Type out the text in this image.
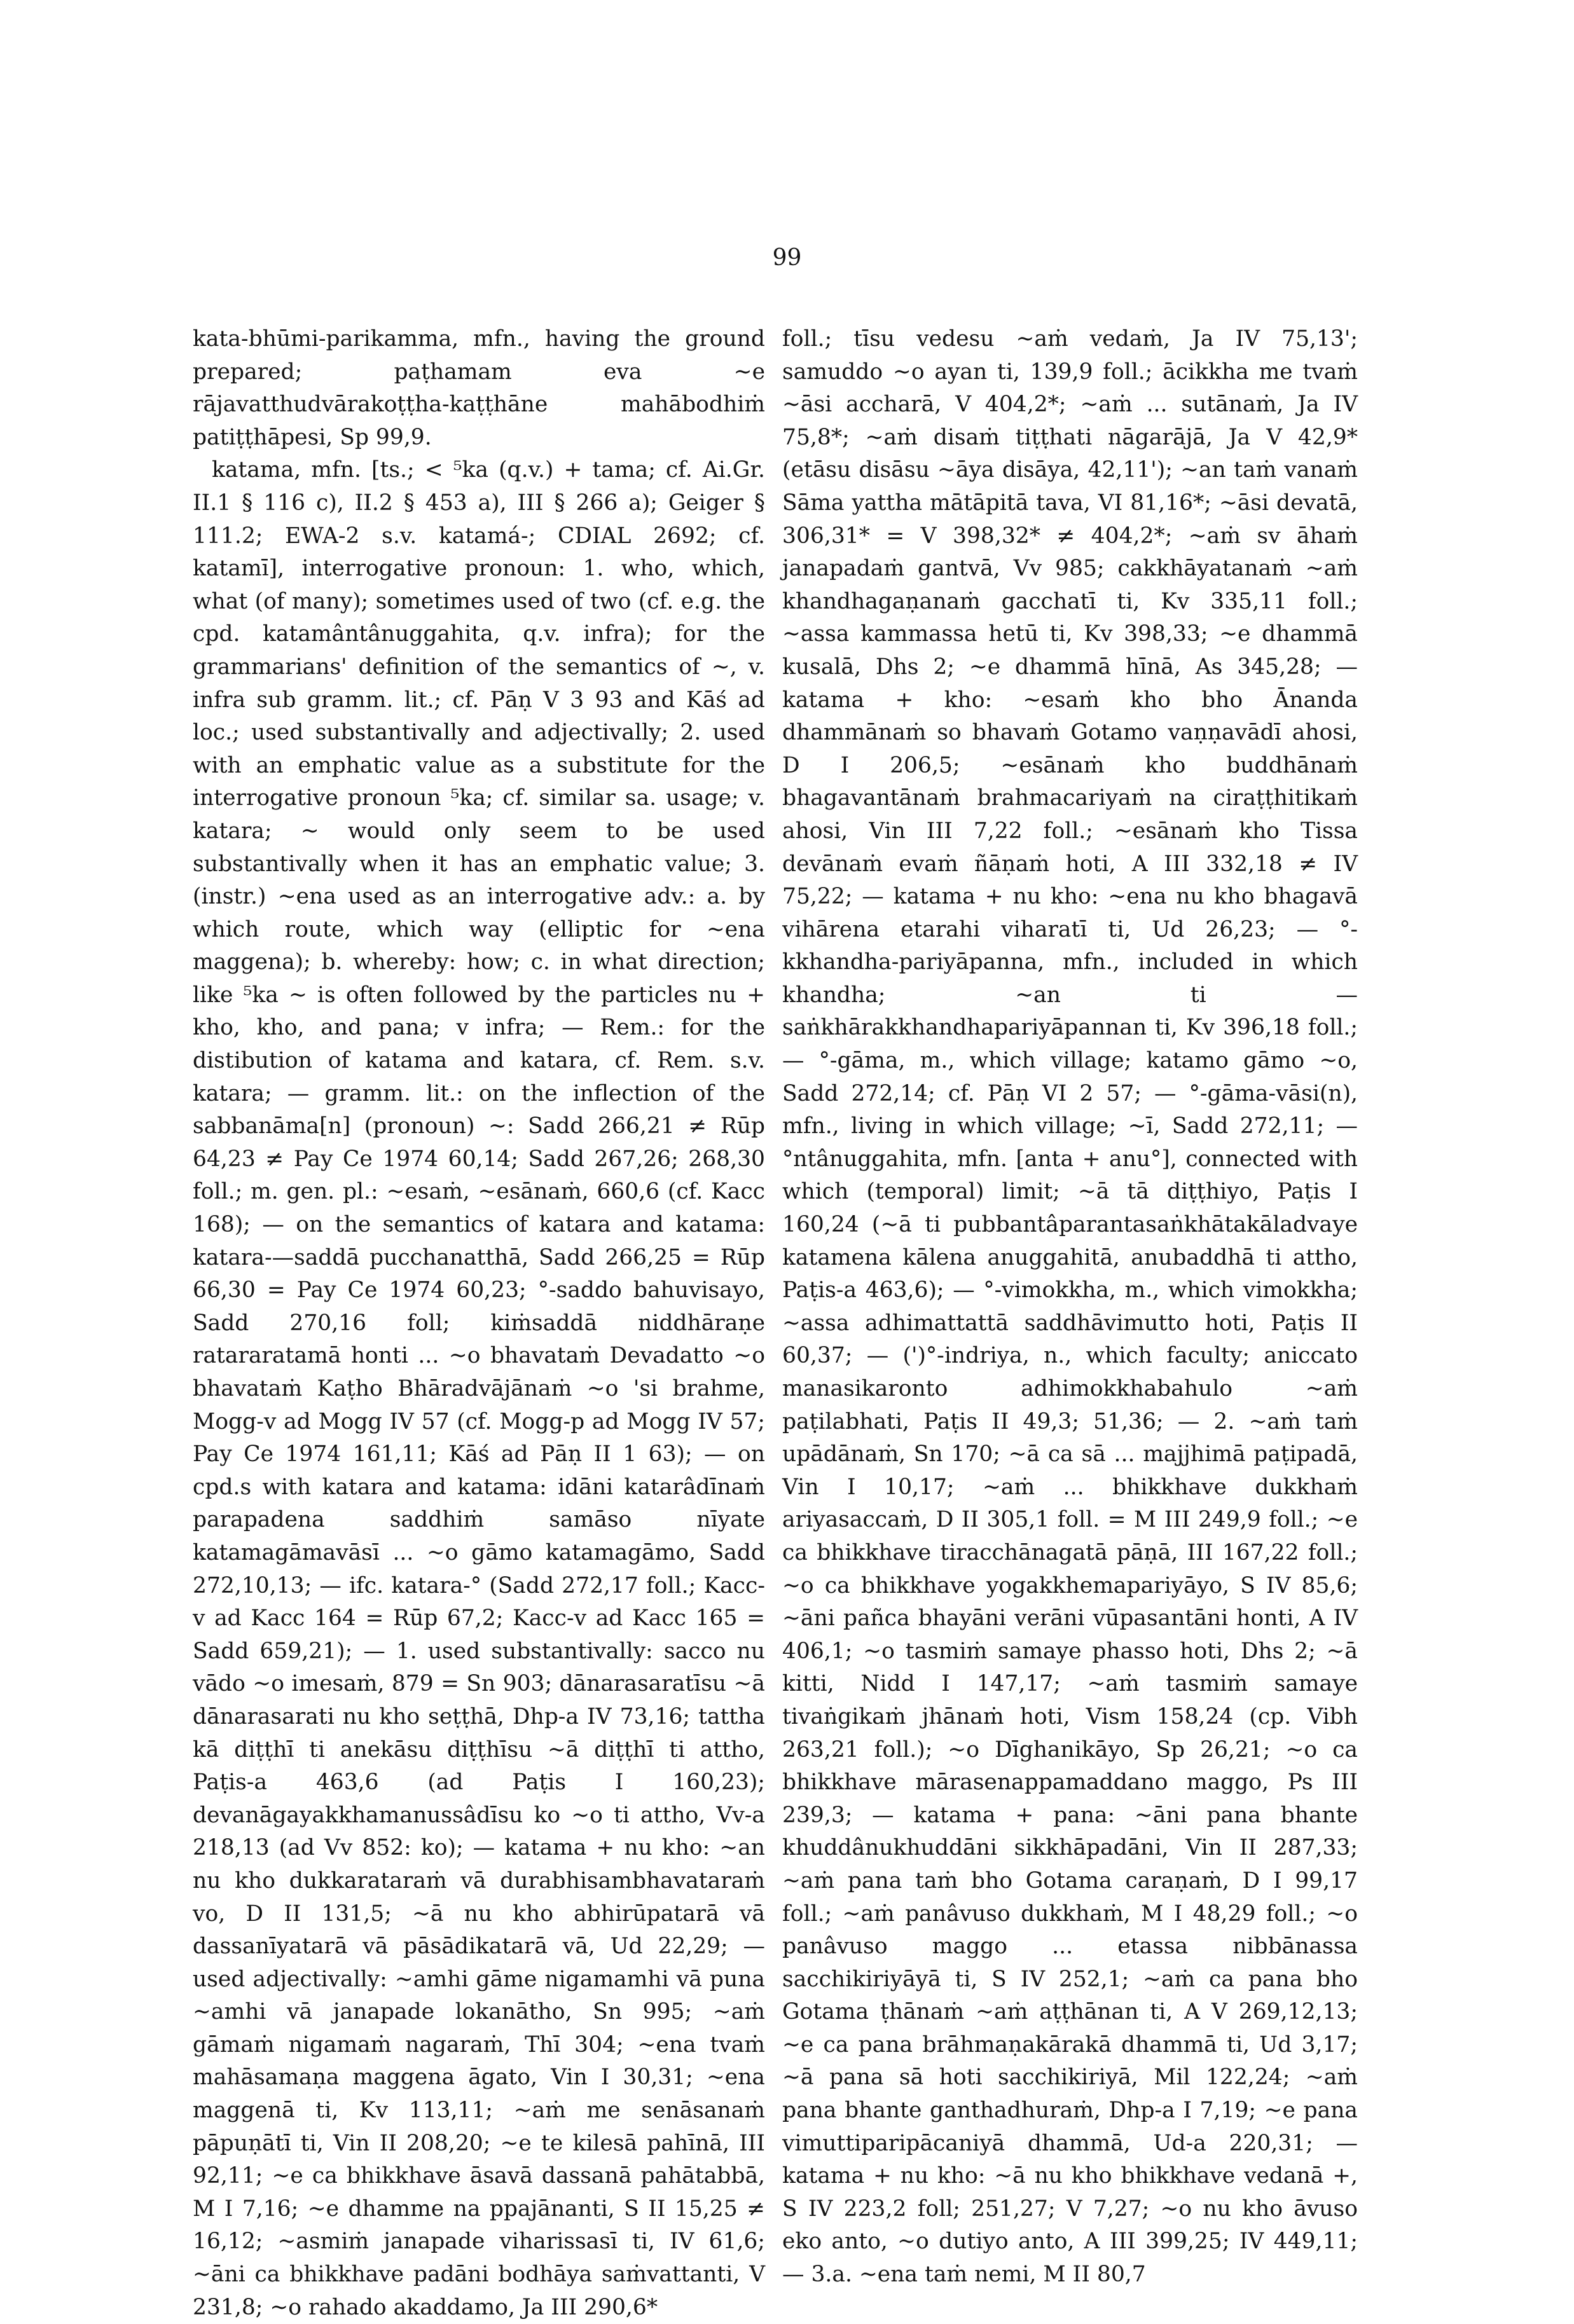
99

kata-bhūmi-parikamma, mfn., having the ground prepared; paṭhamam eva ~e rājavatthudvārakoṭṭha-kaṭṭhāne mahābodhiṁ patiṭṭhāpesi, Sp 99,9.

katama, mfn. [ts.; < ⁵ka (q.v.) + tama; cf. Ai.Gr. II.1 § 116 c), II.2 § 453 a), III § 266 a); Geiger § 111.2; EWA-2 s.v. katamá-; CDIAL 2692; cf. katamī], interrogative pronoun: 1. who, which, what (of many); sometimes used of two (cf. e.g. the cpd. katamântânuggahita, q.v. infra); for the grammarians' definition of the semantics of ~, v. infra sub gramm. lit.; cf. Pāṇ V 3 93 and Kāś ad loc.; used substantivally and adjectivally; 2. used with an emphatic value as a substitute for the interrogative pronoun ⁵ka; cf. similar sa. usage; v. katara; ~ would only seem to be used substantivally when it has an emphatic value; 3. (instr.) ~ena used as an interrogative adv.: a. by which route, which way (elliptic for ~ena maggena); b. whereby: how; c. in what direction; like ⁵ka ~ is often followed by the particles nu + kho, kho, and pana; v infra; — Rem.: for the distibution of katama and katara, cf. Rem. s.v. katara; — gramm. lit.: on the inflection of the sabbanāma[n] (pronoun) ~: Sadd 266,21 ≠ Rūp 64,23 ≠ Pay Ce 1974 60,14; Sadd 267,26; 268,30 foll.; m. gen. pl.: ~esaṁ, ~esānaṁ, 660,6 (cf. Kacc 168); — on the semantics of katara and katama: katara-—saddā pucchanatthā, Sadd 266,25 = Rūp 66,30 = Pay Ce 1974 60,23; °-saddo bahuvisayo, Sadd 270,16 foll; kiṁsaddā niddhāraṇe ratararatamā honti ... ~o bhavataṁ Devadatto ~o bhavataṁ Kaṭho Bhāradvājānaṁ ~o 'si brahme, Mogg-v ad Mogg IV 57 (cf. Mogg-p ad Mogg IV 57; Pay Ce 1974 161,11; Kāś ad Pāṇ II 1 63); — on cpd.s with katara and katama: idāni katarâdīnaṁ parapadena saddhiṁ samāso nīyate katamagāmavāsī ... ~o gāmo katamagāmo, Sadd 272,10,13; — ifc. katara-° (Sadd 272,17 foll.; Kacc-v ad Kacc 164 = Rūp 67,2; Kacc-v ad Kacc 165 = Sadd 659,21); — 1. used substantivally: sacco nu vādo ~o imesaṁ, 879 = Sn 903; dānarasaratīsu ~ā dānarasarati nu kho seṭṭhā, Dhp-a IV 73,16; tattha kā diṭṭhī ti anekāsu diṭṭhīsu ~ā diṭṭhī ti attho, Paṭis-a 463,6 (ad Paṭis I 160,23); devanāgayakkhamanussâdīsu ko ~o ti attho, Vv-a 218,13 (ad Vv 852: ko); — katama + nu kho: ~an nu kho dukkarataraṁ vā durabhisambhavataraṁ vo, D II 131,5; ~ā nu kho abhirūpatarā vā dassanīyatarā vā pāsādikatarā vā, Ud 22,29; — used adjectivally: ~amhi gāme nigamamhi vā puna ~amhi vā janapade lokanātho, Sn 995; ~aṁ gāmaṁ nigamaṁ nagaraṁ, Thī 304; ~ena tvaṁ mahāsamaṇa maggena āgato, Vin I 30,31; ~ena maggenā ti, Kv 113,11; ~aṁ me senāsanaṁ pāpuṇātī ti, Vin II 208,20; ~e te kilesā pahīnā, III 92,11; ~e ca bhikkhave āsavā dassanā pahātabbā, M I 7,16; ~e dhamme na ppajānanti, S II 15,25 ≠ 16,12; ~asmiṁ janapade viharissasī ti, IV 61,6; ~āni ca bhikkhave padāni bodhāya saṁvattanti, V 231,8; ~o rahado akaddamo, Ja III 290,6*

foll.; tīsu vedesu ~aṁ vedaṁ, Ja IV 75,13'; samuddo ~o ayan ti, 139,9 foll.; ācikkha me tvaṁ ~āsi accharā, V 404,2*; ~aṁ ... sutānaṁ, Ja IV 75,8*; ~aṁ disaṁ tiṭṭhati nāgarājā, Ja V 42,9* (etāsu disāsu ~āya disāya, 42,11'); ~an taṁ vanaṁ Sāma yattha mātāpitā tava, VI 81,16*; ~āsi devatā, 306,31* = V 398,32* ≠ 404,2*; ~aṁ sv āhaṁ janapadaṁ gantvā, Vv 985; cakkhāyatanaṁ ~aṁ khandhagaṇanaṁ gacchatī ti, Kv 335,11 foll.; ~assa kammassa hetū ti, Kv 398,33; ~e dhammā kusalā, Dhs 2; ~e dhammā hīnā, As 345,28; — katama + kho: ~esaṁ kho bho Ānanda dhammānaṁ so bhavaṁ Gotamo vaṇṇavādī ahosi, D I 206,5; ~esānaṁ kho buddhānaṁ bhagavantānaṁ brahmacariyaṁ na ciraṭṭhitikaṁ ahosi, Vin III 7,22 foll.; ~esānaṁ kho Tissa devānaṁ evaṁ ñāṇaṁ hoti, A III 332,18 ≠ IV 75,22; — katama + nu kho: ~ena nu kho bhagavā vihārena etarahi viharatī ti, Ud 26,23; — °-kkhandha-pariyāpanna, mfn., included in which khandha; ~an ti — saṅkhārakkhandhapariyāpannan ti, Kv 396,18 foll.; — °-gāma, m., which village; katamo gāmo ~o, Sadd 272,14; cf. Pāṇ VI 2 57; — °-gāma-vāsi(n), mfn., living in which village; ~ī, Sadd 272,11; — °ntânuggahita, mfn. [anta + anu°], connected with which (temporal) limit; ~ā tā diṭṭhiyo, Paṭis I 160,24 (~ā ti pubbantâparantasaṅkhātakāladvaye katamena kālena anuggahitā, anubaddhā ti attho, Paṭis-a 463,6); — °-vimokkha, m., which vimokkha; ~assa adhimattattā saddhāvimutto hoti, Paṭis II 60,37; — (')°-indriya, n., which faculty; aniccato manasikaronto adhimokkhabahulo ~aṁ paṭilabhati, Paṭis II 49,3; 51,36; — 2. ~aṁ taṁ upādānaṁ, Sn 170; ~ā ca sā ... majjhimā paṭipadā, Vin I 10,17; ~aṁ ... bhikkhave dukkhaṁ ariyasaccaṁ, D II 305,1 foll. = M III 249,9 foll.; ~e ca bhikkhave tiracchānagatā pāṇā, III 167,22 foll.; ~o ca bhikkhave yogakkhemapariyāyo, S IV 85,6; ~āni pañca bhayāni verāni vūpasantāni honti, A IV 406,1; ~o tasmiṁ samaye phasso hoti, Dhs 2; ~ā kitti, Nidd I 147,17; ~aṁ tasmiṁ samaye tivaṅgikaṁ jhānaṁ hoti, Vism 158,24 (cp. Vibh 263,21 foll.); ~o Dīghanikāyo, Sp 26,21; ~o ca bhikkhave mārasenappamaddano maggo, Ps III 239,3; — katama + pana: ~āni pana bhante khuddânukhuddāni sikkhāpadāni, Vin II 287,33; ~aṁ pana taṁ bho Gotama caraṇaṁ, D I 99,17 foll.; ~aṁ panâvuso dukkhaṁ, M I 48,29 foll.; ~o panâvuso maggo ... etassa nibbānassa sacchikiriyāyā ti, S IV 252,1; ~aṁ ca pana bho Gotama ṭhānaṁ ~aṁ aṭṭhānan ti, A V 269,12,13; ~e ca pana brāhmaṇakārakā dhammā ti, Ud 3,17; ~ā pana sā hoti sacchikiriyā, Mil 122,24; ~aṁ pana bhante ganthadhuraṁ, Dhp-a I 7,19; ~e pana vimuttiparipācaniyā dhammā, Ud-a 220,31; — katama + nu kho: ~ā nu kho bhikkhave vedanā +, S IV 223,2 foll; 251,27; V 7,27; ~o nu kho āvuso eko anto, ~o dutiyo anto, A III 399,25; IV 449,11; — 3.a. ~ena taṁ nemi, M II 80,7
